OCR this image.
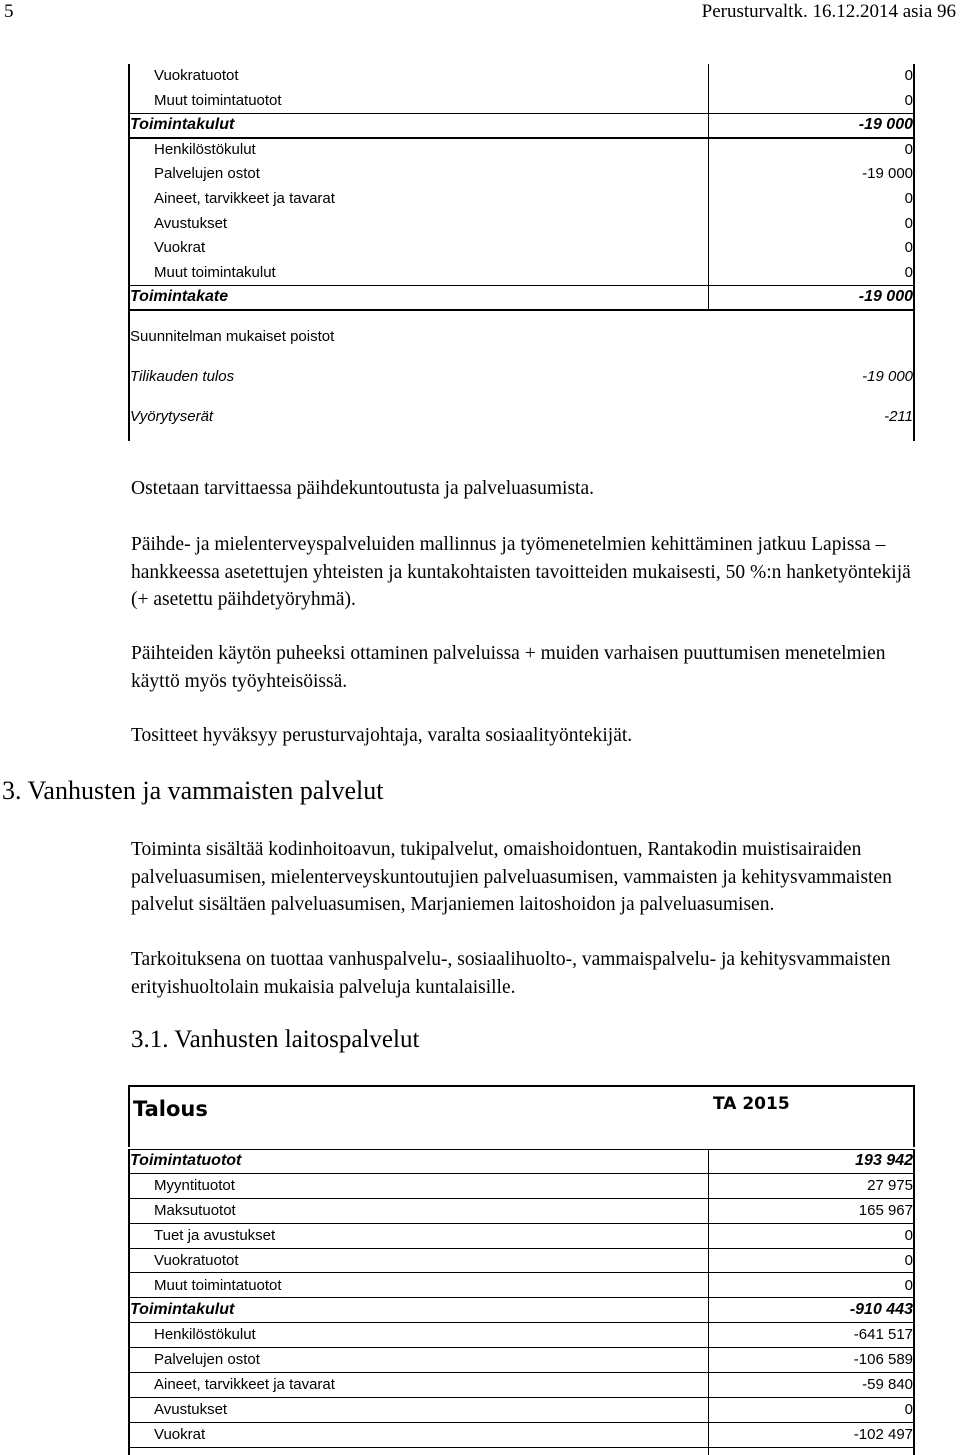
5	Perusturvaltk. 16.12.2014 asia 96
Vuokratuotot	0
Muut toimintatuotot	0
Toimintakulut	-19 000
Henkilöstökulut	0
Palvelujen ostot	-19 000
Aineet, tarvikkeet ja tavarat	0
Avustukset	0
Vuokrat	0
Muut toimintakulut	0
Toimintakate	-19 000
Suunnitelman mukaiset poistot
Tilikauden tulos	-19 000
Vyörytyserät	-211
Ostetaan tarvittaessa päihdekuntoutusta ja palveluasumista.
Päihde- ja mielenterveyspalveluiden mallinnus ja työmenetelmien kehittäminen jatkuu Lapissa –hankkeessa asetettujen yhteisten ja kuntakohtaisten tavoitteiden mukaisesti, 50 %:n hanketyöntekijä (+ asetettu päihdetyöryhmä).
Päihteiden käytön puheeksi ottaminen palveluissa + muiden varhaisen puuttumisen menetelmien käyttö myös työyhteisöissä.
Tositteet hyväksyy perusturvajohtaja, varalta sosiaalityöntekijät.
3. Vanhusten ja vammaisten palvelut
Toiminta sisältää kodinhoitoavun, tukipalvelut, omaishoidontuen, Rantakodin muistisairaiden palveluasumisen, mielenterveyskuntoutujien palveluasumisen, vammaisten ja kehitysvammaisten palvelut sisältäen palveluasumisen, Marjaniemen laitoshoidon ja palveluasumisen.
Tarkoituksena on tuottaa vanhuspalvelu-, sosiaalihuolto-, vammaispalvelu- ja kehitysvammaisten erityishuoltolain mukaisia palveluja kuntalaisille.
3.1. Vanhusten laitospalvelut
Talous	TA 2015
Toimintatuotot	193 942
Myyntituotot	27 975
Maksutuotot	165 967
Tuet ja avustukset	0
Vuokratuotot	0
Muut toimintatuotot	0
Toimintakulut	-910 443
Henkilöstökulut	-641 517
Palvelujen ostot	-106 589
Aineet, tarvikkeet ja tavarat	-59 840
Avustukset	0
Vuokrat	-102 497
